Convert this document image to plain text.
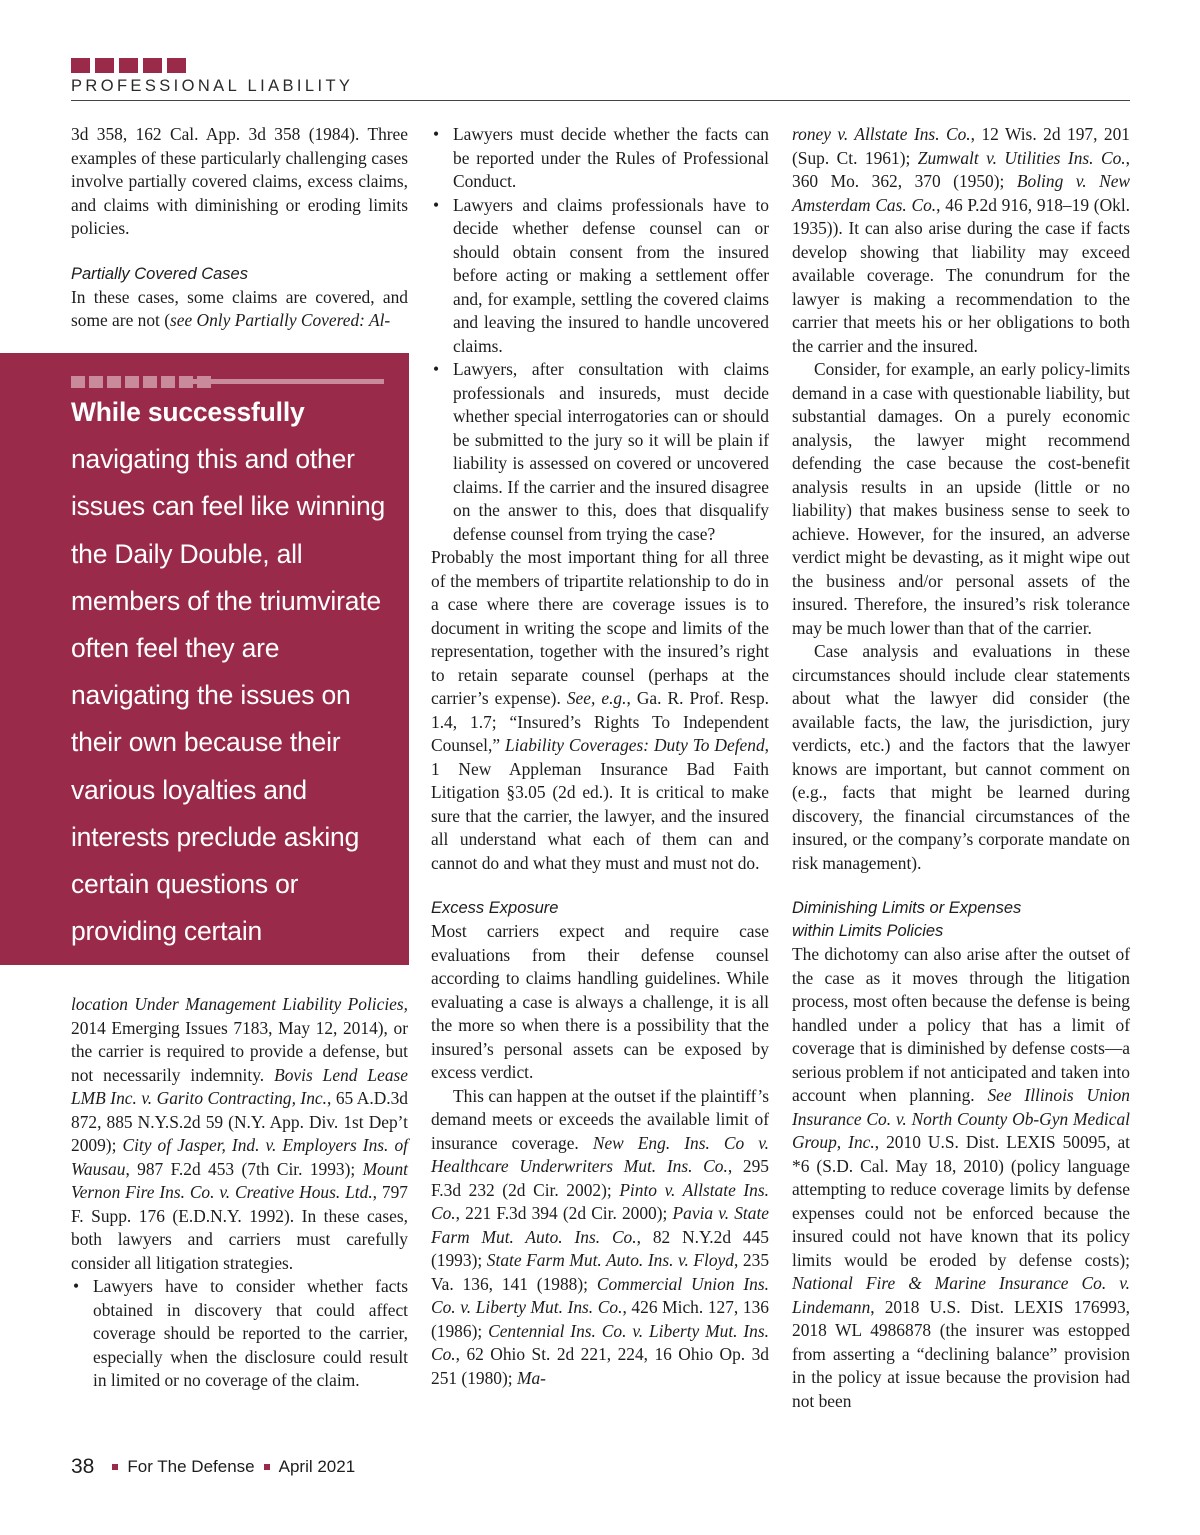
PROFESSIONAL LIABILITY

3d 358, 162 Cal. App. 3d 358 (1984). Three examples of these particularly challenging cases involve partially covered claims, excess claims, and claims with diminishing or eroding limits policies.

Partially Covered Cases

In these cases, some claims are covered, and some are not (see Only Partially Covered: Al-

While successfully navigating this and other issues can feel like winning the Daily Double, all members of the triumvirate often feel they are navigating the issues on their own because their various loyalties and interests preclude asking certain questions or providing certain information.

location Under Management Liability Policies, 2014 Emerging Issues 7183, May 12, 2014), or the carrier is required to provide a defense, but not necessarily indemnity. Bovis Lend Lease LMB Inc. v. Garito Contracting, Inc., 65 A.D.3d 872, 885 N.Y.S.2d 59 (N.Y. App. Div. 1st Dep’t 2009); City of Jasper, Ind. v. Employers Ins. of Wausau, 987 F.2d 453 (7th Cir. 1993); Mount Vernon Fire Ins. Co. v. Creative Hous. Ltd., 797 F. Supp. 176 (E.D.N.Y. 1992). In these cases, both lawyers and carriers must carefully consider all litigation strategies.

• Lawyers have to consider whether facts obtained in discovery that could affect coverage should be reported to the carrier, especially when the disclosure could result in limited or no coverage of the claim.
• Lawyers must decide whether the facts can be reported under the Rules of Professional Conduct.
• Lawyers and claims professionals have to decide whether defense counsel can or should obtain consent from the insured before acting or making a settlement offer and, for example, settling the covered claims and leaving the insured to handle uncovered claims.
• Lawyers, after consultation with claims professionals and insureds, must decide whether special interrogatories can or should be submitted to the jury so it will be plain if liability is assessed on covered or uncovered claims. If the carrier and the insured disagree on the answer to this, does that disqualify defense counsel from trying the case?

Probably the most important thing for all three of the members of tripartite relationship to do in a case where there are coverage issues is to document in writing the scope and limits of the representation, together with the insured’s right to retain separate counsel (perhaps at the carrier’s expense). See, e.g., Ga. R. Prof. Resp. 1.4, 1.7; “Insured’s Rights To Independent Counsel,” Liability Coverages: Duty To Defend, 1 New Appleman Insurance Bad Faith Litigation §3.05 (2d ed.). It is critical to make sure that the carrier, the lawyer, and the insured all understand what each of them can and cannot do and what they must and must not do.

Excess Exposure

Most carriers expect and require case evaluations from their defense counsel according to claims handling guidelines. While evaluating a case is always a challenge, it is all the more so when there is a possibility that the insured’s personal assets can be exposed by excess verdict.

This can happen at the outset if the plaintiff’s demand meets or exceeds the available limit of insurance coverage. New Eng. Ins. Co v. Healthcare Underwriters Mut. Ins. Co., 295 F.3d 232 (2d Cir. 2002); Pinto v. Allstate Ins. Co., 221 F.3d 394 (2d Cir. 2000); Pavia v. State Farm Mut. Auto. Ins. Co., 82 N.Y.2d 445 (1993); State Farm Mut. Auto. Ins. v. Floyd, 235 Va. 136, 141 (1988); Commercial Union Ins. Co. v. Liberty Mut. Ins. Co., 426 Mich. 127, 136 (1986); Centennial Ins. Co. v. Liberty Mut. Ins. Co., 62 Ohio St. 2d 221, 224, 16 Ohio Op. 3d 251 (1980); Ma-

roney v. Allstate Ins. Co., 12 Wis. 2d 197, 201 (Sup. Ct. 1961); Zumwalt v. Utilities Ins. Co., 360 Mo. 362, 370 (1950); Boling v. New Amsterdam Cas. Co., 46 P.2d 916, 918–19 (Okl. 1935)). It can also arise during the case if facts develop showing that liability may exceed available coverage. The conundrum for the lawyer is making a recommendation to the carrier that meets his or her obligations to both the carrier and the insured.

Consider, for example, an early policy-limits demand in a case with questionable liability, but substantial damages. On a purely economic analysis, the lawyer might recommend defending the case because the cost-benefit analysis results in an upside (little or no liability) that makes business sense to seek to achieve. However, for the insured, an adverse verdict might be devasting, as it might wipe out the business and/or personal assets of the insured. Therefore, the insured’s risk tolerance may be much lower than that of the carrier.

Case analysis and evaluations in these circumstances should include clear statements about what the lawyer did consider (the available facts, the law, the jurisdiction, jury verdicts, etc.) and the factors that the lawyer knows are important, but cannot comment on (e.g., facts that might be learned during discovery, the financial circumstances of the insured, or the company’s corporate mandate on risk management).

Diminishing Limits or Expenses
within Limits Policies

The dichotomy can also arise after the outset of the case as it moves through the litigation process, most often because the defense is being handled under a policy that has a limit of coverage that is diminished by defense costs—a serious problem if not anticipated and taken into account when planning. See Illinois Union Insurance Co. v. North County Ob-Gyn Medical Group, Inc., 2010 U.S. Dist. LEXIS 50095, at *6 (S.D. Cal. May 18, 2010) (policy language attempting to reduce coverage limits by defense expenses could not be enforced because the insured could not have known that its policy limits would be eroded by defense costs); National Fire & Marine Insurance Co. v. Lindemann, 2018 U.S. Dist. LEXIS 176993, 2018 WL 4986878 (the insurer was estopped from asserting a “declining balance” provision in the policy at issue because the provision had not been

38 For The Defense April 2021
